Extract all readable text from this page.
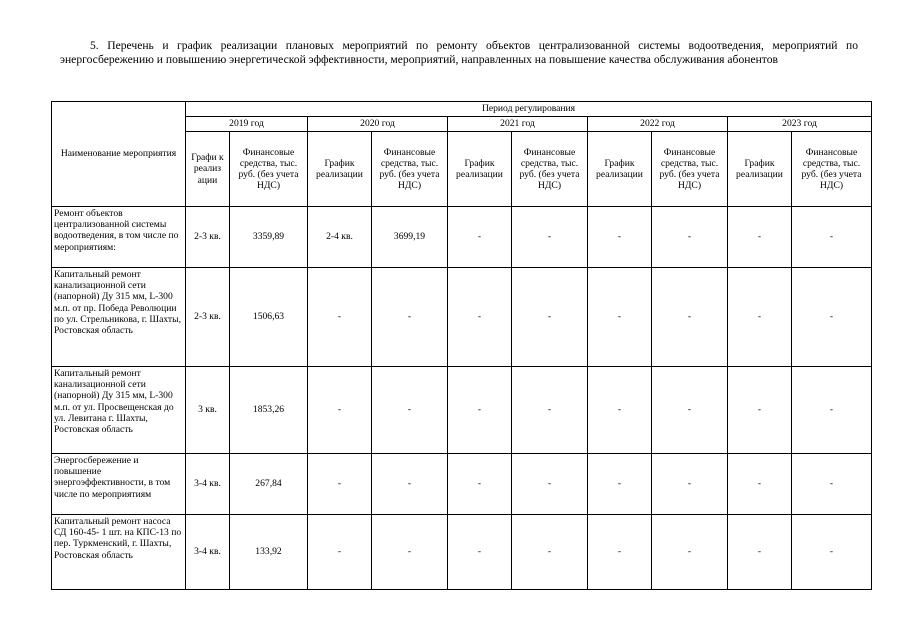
5. Перечень и график реализации плановых мероприятий по ремонту объектов централизованной системы водоотведения, мероприятий по энергосбережению и повышению энергетической эффективности, мероприятий, направленных на повышение качества обслуживания абонентов
Наименование мероприятия	Период регулирования									
	2019 год		2020 год		2021 год		2022 год		2023 год	
	Графи к реализ ации	Финансовые средства, тыс. руб. (без учета НДС)	График реализации	Финансовые средства, тыс. руб. (без учета НДС)	График реализации	Финансовые средства, тыс. руб. (без учета НДС)	График реализации	Финансовые средства, тыс. руб. (без учета НДС)	График реализации	Финансовые средства, тыс. руб. (без учета НДС)
Ремонт объектов централизованной системы водоотведения, в том числе по мероприятиям:	2-3 кв.	3359,89	2-4 кв.	3699,19	-	-	-	-	-	-
Капитальный ремонт канализационной сети (напорной) Ду 315 мм, L-300 м.п. от пр. Победа Революции по ул. Стрельникова, г. Шахты, Ростовская область	2-3 кв.	1506,63	-	-	-	-	-	-	-	-
Капитальный ремонт канализационной сети (напорной) Ду 315 мм, L-300 м.п. от ул. Просвещенская до ул. Левитана г. Шахты, Ростовская область	3 кв.	1853,26	-	-	-	-	-	-	-	-
Энергосбережение и повышение энергоэффективности, в том числе по мероприятиям	3-4 кв.	267,84	-	-	-	-	-	-	-	-
Капитальный ремонт насоса СД 160-45- 1 шт. на КПС-13 по пер. Туркменский, г. Шахты, Ростовская область	3-4 кв.	133,92	-	-	-	-	-	-	-	-
